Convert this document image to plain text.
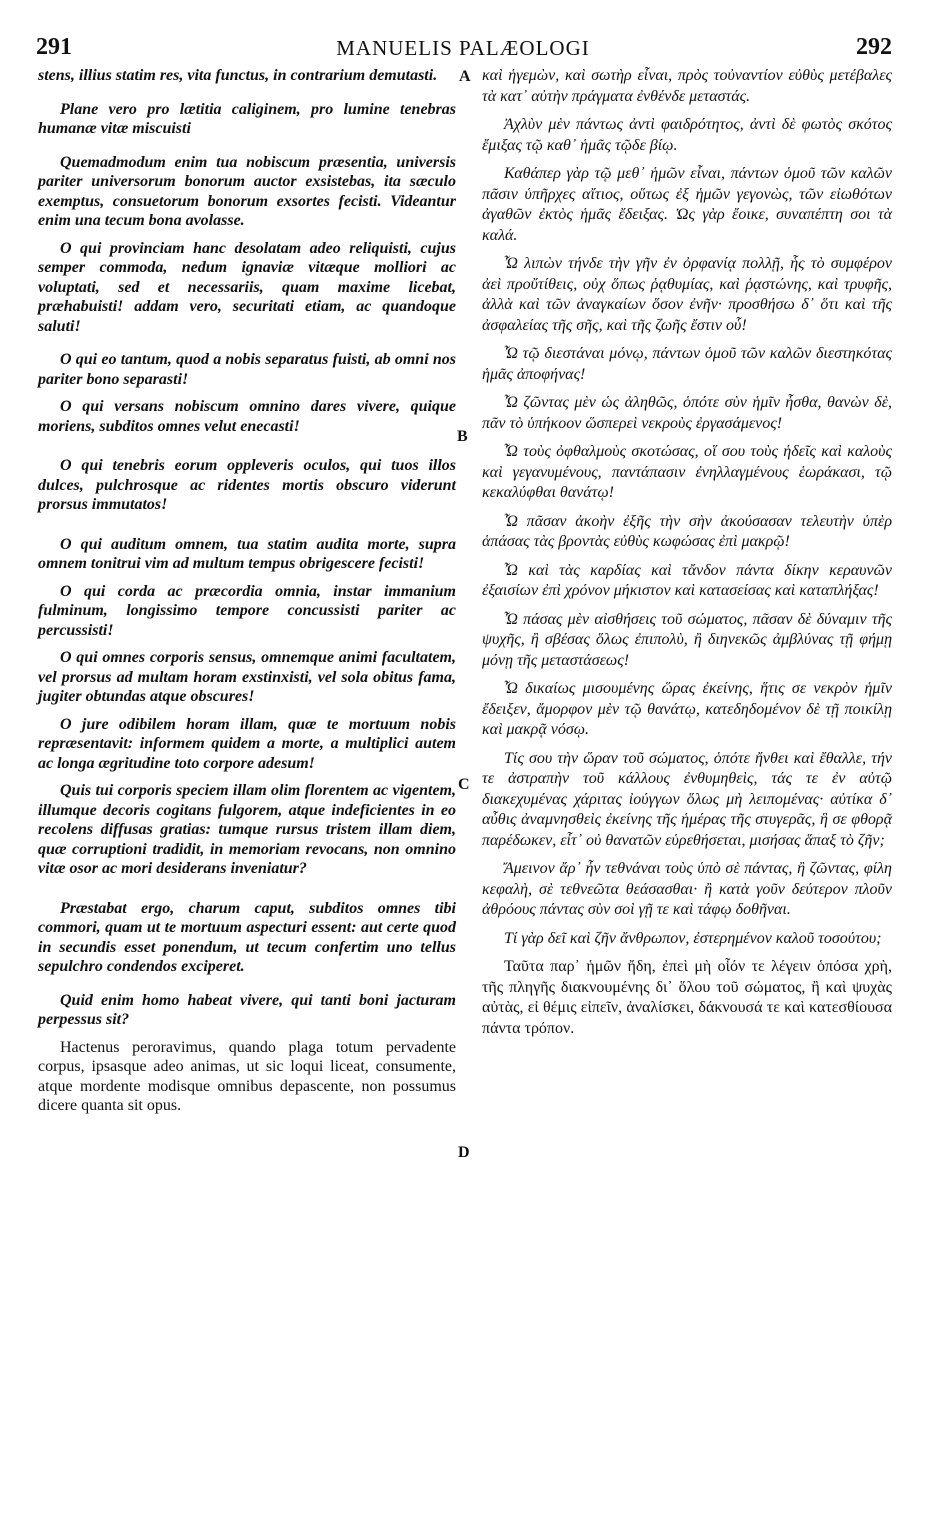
291	MANUELIS PALÆOLOGI	292
A
B
C
D

stens, illius statim res, vita functus, in contrarium demutasti.

Plane vero pro lætitia caliginem, pro lumine tenebras humanæ vitæ miscuisti

Quemadmodum enim tua nobiscum præsentia, universis pariter universorum bonorum auctor exsistebas, ita sæculo exemptus, consuetorum bonorum exsortes fecisti. Videantur enim una tecum bona avolasse.

O qui provinciam hanc desolatam adeo reliquisti, cujus semper commoda, nedum ignaviæ vitæque molliori ac voluptati, sed et necessariis, quam maxime licebat, præhabuisti! addam vero, securitati etiam, ac quandoque saluti!

O qui eo tantum, quod a nobis separatus fuisti, ab omni nos pariter bono separasti!

O qui versans nobiscum omnino dares vivere, quique moriens, subditos omnes velut enecasti!

O qui tenebris eorum oppleveris oculos, qui tuos illos dulces, pulchrosque ac ridentes mortis obscuro viderunt prorsus immutatos!

O qui auditum omnem, tua statim audita morte, supra omnem tonitrui vim ad multum tempus obrigescere fecisti!

O qui corda ac præcordia omnia, instar immanium fulminum, longissimo tempore concussisti pariter ac percussisti!

O qui omnes corporis sensus, omnemque animi facultatem, vel prorsus ad multam horam exstinxisti, vel sola obitus fama, jugiter obtundas atque obscures!

O jure odibilem horam illam, quæ te mortuum nobis repræsentavit: informem quidem a morte, a multiplici autem ac longa ægritudine toto corpore adesum!

Quis tui corporis speciem illam olim florentem ac vigentem, illumque decoris cogitans fulgorem, atque indeficientes in eo recolens diffusas gratias: tumque rursus tristem illam diem, quæ corruptioni tradidit, in memoriam revocans, non omnino vitæ osor ac mori desiderans inveniatur?

Præstabat ergo, charum caput, subditos omnes tibi commori, quam ut te mortuum aspecturi essent: aut certe quod in secundis esset ponendum, ut tecum confertim uno tellus sepulchro condendos exciperet.

Quid enim homo habeat vivere, qui tanti boni jacturam perpessus sit?

Hactenus peroravimus, quando plaga totum pervadente corpus, ipsasque adeo animas, ut sic loqui liceat, consumente, atque mordente modisque omnibus depascente, non possumus dicere quanta sit opus.

καὶ ἡγεμὼν, καὶ σωτὴρ εἶναι, πρὸς τοὐναντίον εὐθὺς μετέβαλες τὰ κατ᾽ αὐτὴν πράγματα ἐνθένδε μεταστάς.

Ἀχλὺν μὲν πάντως ἀντὶ φαιδρότητος, ἀντὶ δὲ φωτὸς σκότος ἔμιξας τῷ καθ᾽ ἡμᾶς τῷδε βίῳ.

Καθάπερ γὰρ τῷ μεθ᾽ ἡμῶν εἶναι, πάντων ὁμοῦ τῶν καλῶν πᾶσιν ὑπῆρχες αἴτιος, οὕτως ἐξ ἡμῶν γεγονὼς, τῶν εἰωθότων ἀγαθῶν ἐκτὸς ἡμᾶς ἔδειξας. Ὡς γὰρ ἔοικε, συναπέπτη σοι τὰ καλά.

Ὦ λιπὼν τήνδε τὴν γῆν ἐν ὀρφανίᾳ πολλῇ, ἧς τὸ συμφέρον ἀεὶ προὔτίθεις, οὐχ ὅπως ῥᾳθυμίας, καὶ ῥᾳστώνης, καὶ τρυφῆς, ἀλλὰ καὶ τῶν ἀναγκαίων ὅσον ἐνῆν· προσθήσω δ᾽ ὅτι καὶ τῆς ἀσφαλείας τῆς σῆς, καὶ τῆς ζωῆς ἔστιν οὗ!

Ὦ τῷ διεστάναι μόνῳ, πάντων ὁμοῦ τῶν καλῶν διεστηκότας ἡμᾶς ἀποφήνας!

Ὦ ζῶντας μὲν ὡς ἀληθῶς, ὁπότε σὺν ἡμῖν ἦσθα, θανὼν δὲ, πᾶν τὸ ὑπήκοον ὥσπερεὶ νεκροὺς ἐργασάμενος!

Ὦ τοὺς ὀφθαλμοὺς σκοτώσας, οἵ σου τοὺς ἡδεῖς καὶ καλοὺς καὶ γεγανυμένους, παντάπασιν ἐνηλλαγμένους ἑωράκασι, τῷ κεκαλύφθαι θανάτῳ!

Ὦ πᾶσαν ἀκοὴν ἐξῆς τὴν σὴν ἀκούσασαν τελευτὴν ὑπὲρ ἁπάσας τὰς βροντὰς εὐθὺς κωφώσας ἐπὶ μακρῷ!

Ὦ καὶ τὰς καρδίας καὶ τἄνδον πάντα δίκην κεραυνῶν ἐξαισίων ἐπὶ χρόνον μήκιστον καὶ κατασείσας καὶ καταπλήξας!

Ὦ πάσας μὲν αἰσθήσεις τοῦ σώματος, πᾶσαν δὲ δύναμιν τῆς ψυχῆς, ἢ σβέσας ὅλως ἐπιπολὺ, ἢ διηνεκῶς ἀμβλύνας τῇ φήμῃ μόνῃ τῆς μεταστάσεως!

Ὦ δικαίως μισουμένης ὥρας ἐκείνης, ἥτις σε νεκρὸν ἡμῖν ἔδειξεν, ἄμορφον μὲν τῷ θανάτῳ, κατεδηδομένον δὲ τῇ ποικίλῃ καὶ μακρᾷ νόσῳ.

Τίς σου τὴν ὥραν τοῦ σώματος, ὁπότε ἤνθει καὶ ἔθαλλε, τήν τε ἀστραπὴν τοῦ κάλλους ἐνθυμηθεὶς, τάς τε ἐν αὐτῷ διακεχυμένας χάριτας ἰούγγων ὅλως μὴ λειπομένας· αὐτίκα δ᾽ αὖθις ἀναμνησθεὶς ἐκείνης τῆς ἡμέρας τῆς στυγερᾶς, ἣ σε φθορᾷ παρέδωκεν, εἶτ᾽ οὐ θανατῶν εὑρεθήσεται, μισήσας ἅπαξ τὸ ζῆν;

Ἄμεινον ἄρ᾽ ἦν τεθνάναι τοὺς ὑπὸ σὲ πάντας, ἢ ζῶντας, φίλη κεφαλὴ, σὲ τεθνεῶτα θεάσασθαι· ἢ κατὰ γοῦν δεύτερον πλοῦν ἀθρόους πάντας σὺν σοὶ γῇ τε καὶ τάφῳ δοθῆναι.

Τί γὰρ δεῖ καὶ ζῆν ἄνθρωπον, ἐστερημένον καλοῦ τοσούτου;

Ταῦτα παρ᾽ ἡμῶν ἤδη, ἐπεὶ μὴ οἷόν τε λέγειν ὁπόσα χρὴ, τῆς πληγῆς διακνουμένης δι᾽ ὅλου τοῦ σώματος, ἢ καὶ ψυχὰς αὐτὰς, εἰ θέμις εἰπεῖν, ἀναλίσκει, δάκνουσά τε καὶ κατεσθίουσα πάντα τρόπον.
